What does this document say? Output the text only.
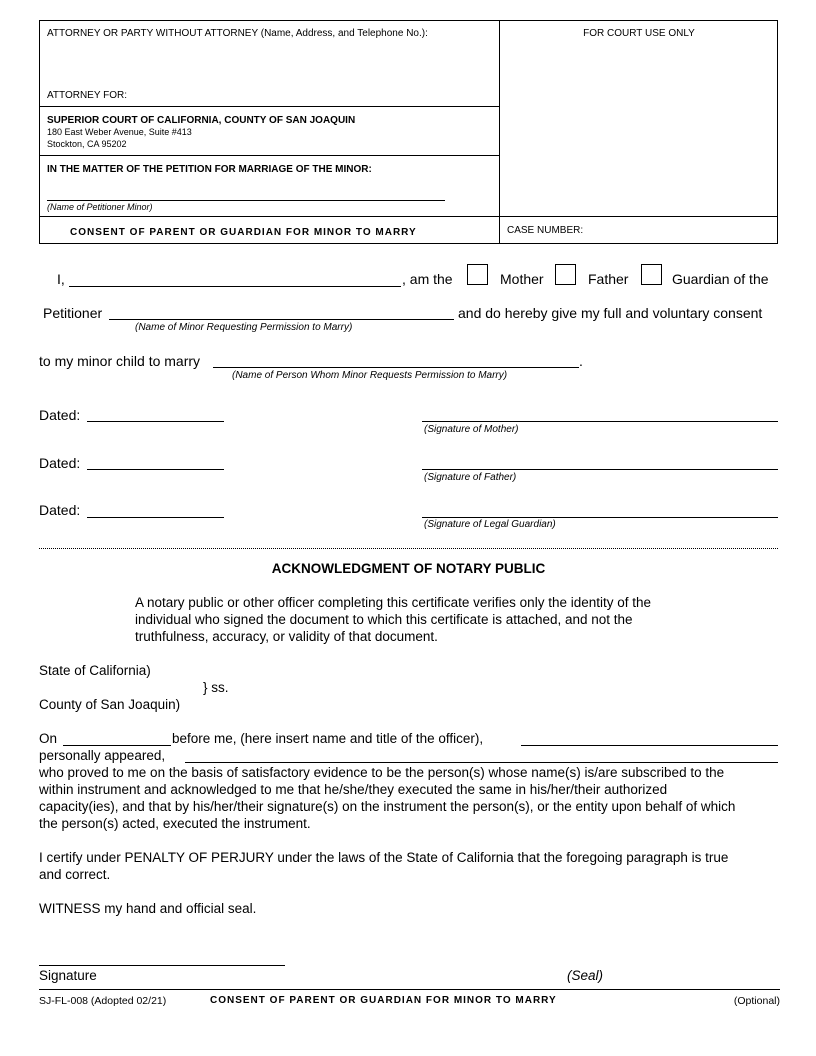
ATTORNEY OR PARTY WITHOUT ATTORNEY (Name, Address, and Telephone No.):	FOR COURT USE ONLY
ATTORNEY FOR:
SUPERIOR COURT OF CALIFORNIA, COUNTY OF SAN JOAQUIN
180 East Weber Avenue, Suite #413
Stockton, CA 95202
IN THE MATTER OF THE PETITION FOR MARRIAGE OF THE MINOR:
(Name of Petitioner Minor)
CONSENT OF PARENT OR GUARDIAN FOR MINOR TO MARRY	CASE NUMBER:
I,	, am the	Mother	Father	Guardian of the
Petitioner	and do hereby give my full and voluntary consent
(Name of Minor Requesting Permission to Marry)
to my minor child to marry	.
(Name of Person Whom Minor Requests Permission to Marry)
Dated:
(Signature of Mother)
Dated:
(Signature of Father)
Dated:
(Signature of Legal Guardian)
ACKNOWLEDGMENT OF NOTARY PUBLIC
A notary public or other officer completing this certificate verifies only the identity of the
individual who signed the document to which this certificate is attached, and not the
truthfulness, accuracy, or validity of that document.
State of California)
} ss.
County of San Joaquin)
On	before me, (here insert name and title of the officer),
personally appeared,
who proved to me on the basis of satisfactory evidence to be the person(s) whose name(s) is/are subscribed to the
within instrument and acknowledged to me that he/she/they executed the same in his/her/their authorized
capacity(ies), and that by his/her/their signature(s) on the instrument the person(s), or the entity upon behalf of which
the person(s) acted, executed the instrument.
I certify under PENALTY OF PERJURY under the laws of the State of California that the foregoing paragraph is true
and correct.
WITNESS my hand and official seal.
Signature	(Seal)
SJ-FL-008 (Adopted 02/21)	CONSENT OF PARENT OR GUARDIAN FOR MINOR TO MARRY	(Optional)
